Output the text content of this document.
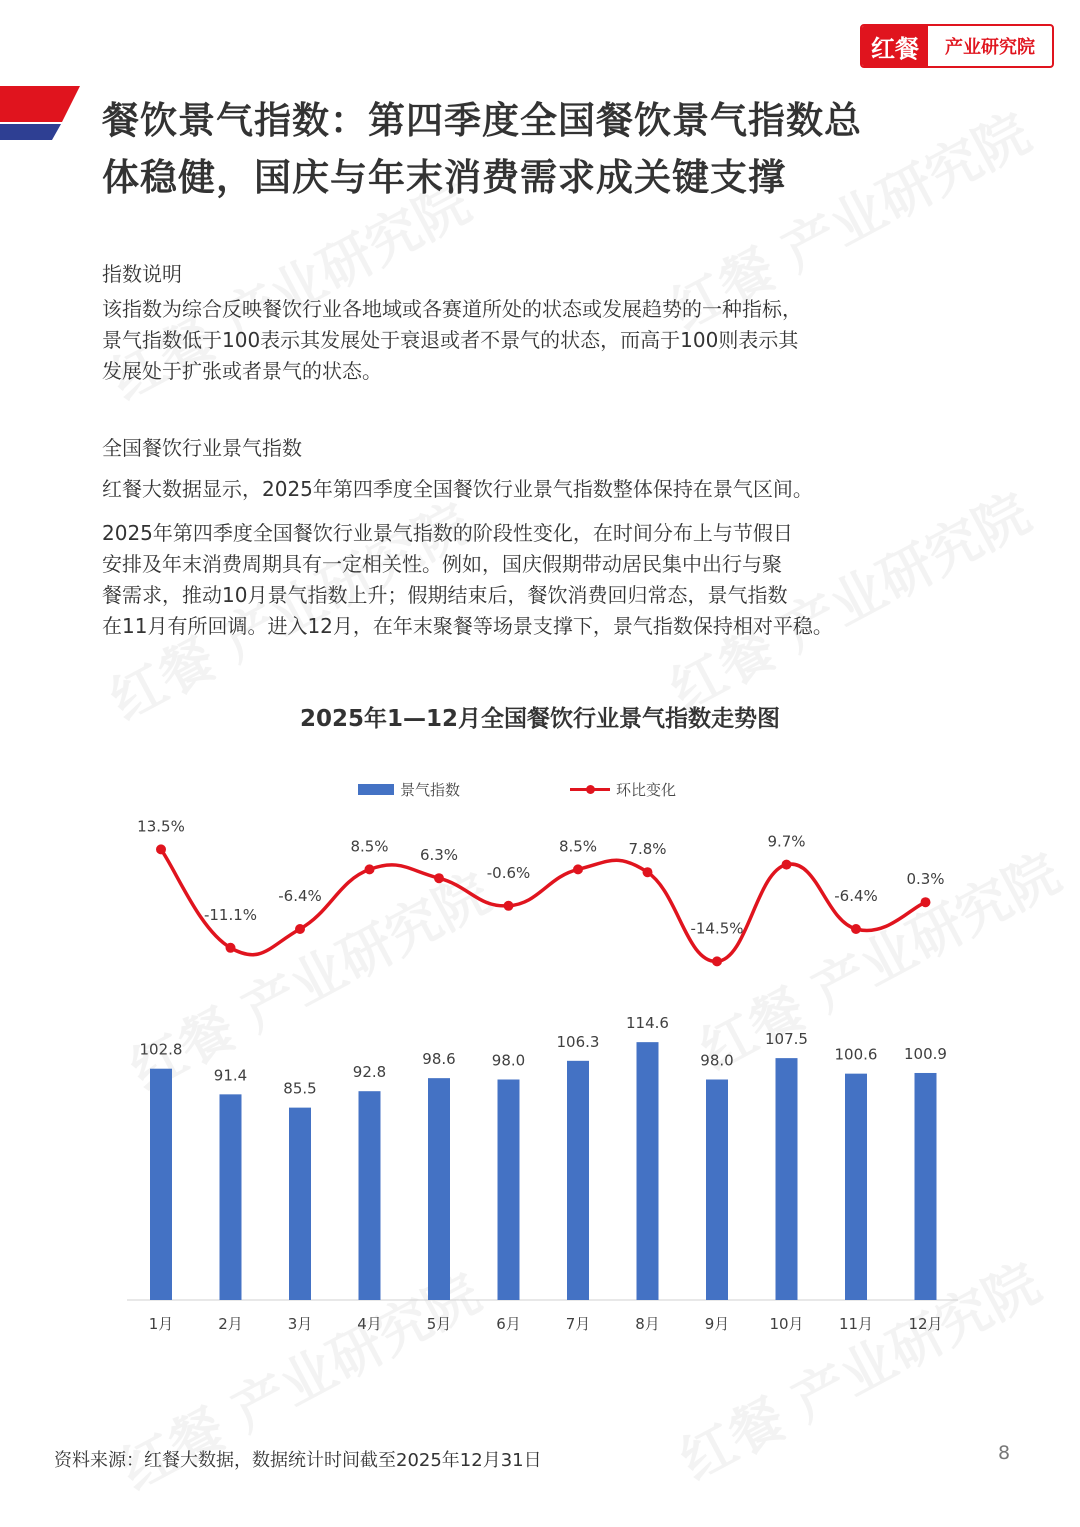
红餐	产业研究院
餐饮景气指数：第四季度全国餐饮景气指数总
体稳健，国庆与年末消费需求成关键支撑
指数说明

该指数为综合反映餐饮行业各地域或各赛道所处的状态或发展趋势的一种指标，
景气指数低于100表示其发展处于衰退或者不景气的状态，而高于100则表示其
发展处于扩张或者景气的状态。

全国餐饮行业景气指数

红餐大数据显示，2025年第四季度全国餐饮行业景气指数整体保持在景气区间。

2025年第四季度全国餐饮行业景气指数的阶段性变化，在时间分布上与节假日
安排及年末消费周期具有一定相关性。例如，国庆假期带动居民集中出行与聚
餐需求，推动10月景气指数上升；假期结束后，餐饮消费回归常态，景气指数
在11月有所回调。进入12月，在年末聚餐等场景支撑下，景气指数保持相对平稳。

2025年1—12月全国餐饮行业景气指数走势图
景气指数	环比变化
102.8
1月
91.4
2月
85.5
3月
92.8
4月
98.6
5月
98.0
6月
106.3
7月
114.6
8月
98.0
9月
107.5
10月
100.6
11月
100.9
12月
13.5%
-11.1%
-6.4%
8.5% 6.3%
-0.6%
8.5% 7.8%
-14.5%
9.7%
-6.4%
0.3%
资料来源：红餐大数据，数据统计时间截至2025年12月31日	8
